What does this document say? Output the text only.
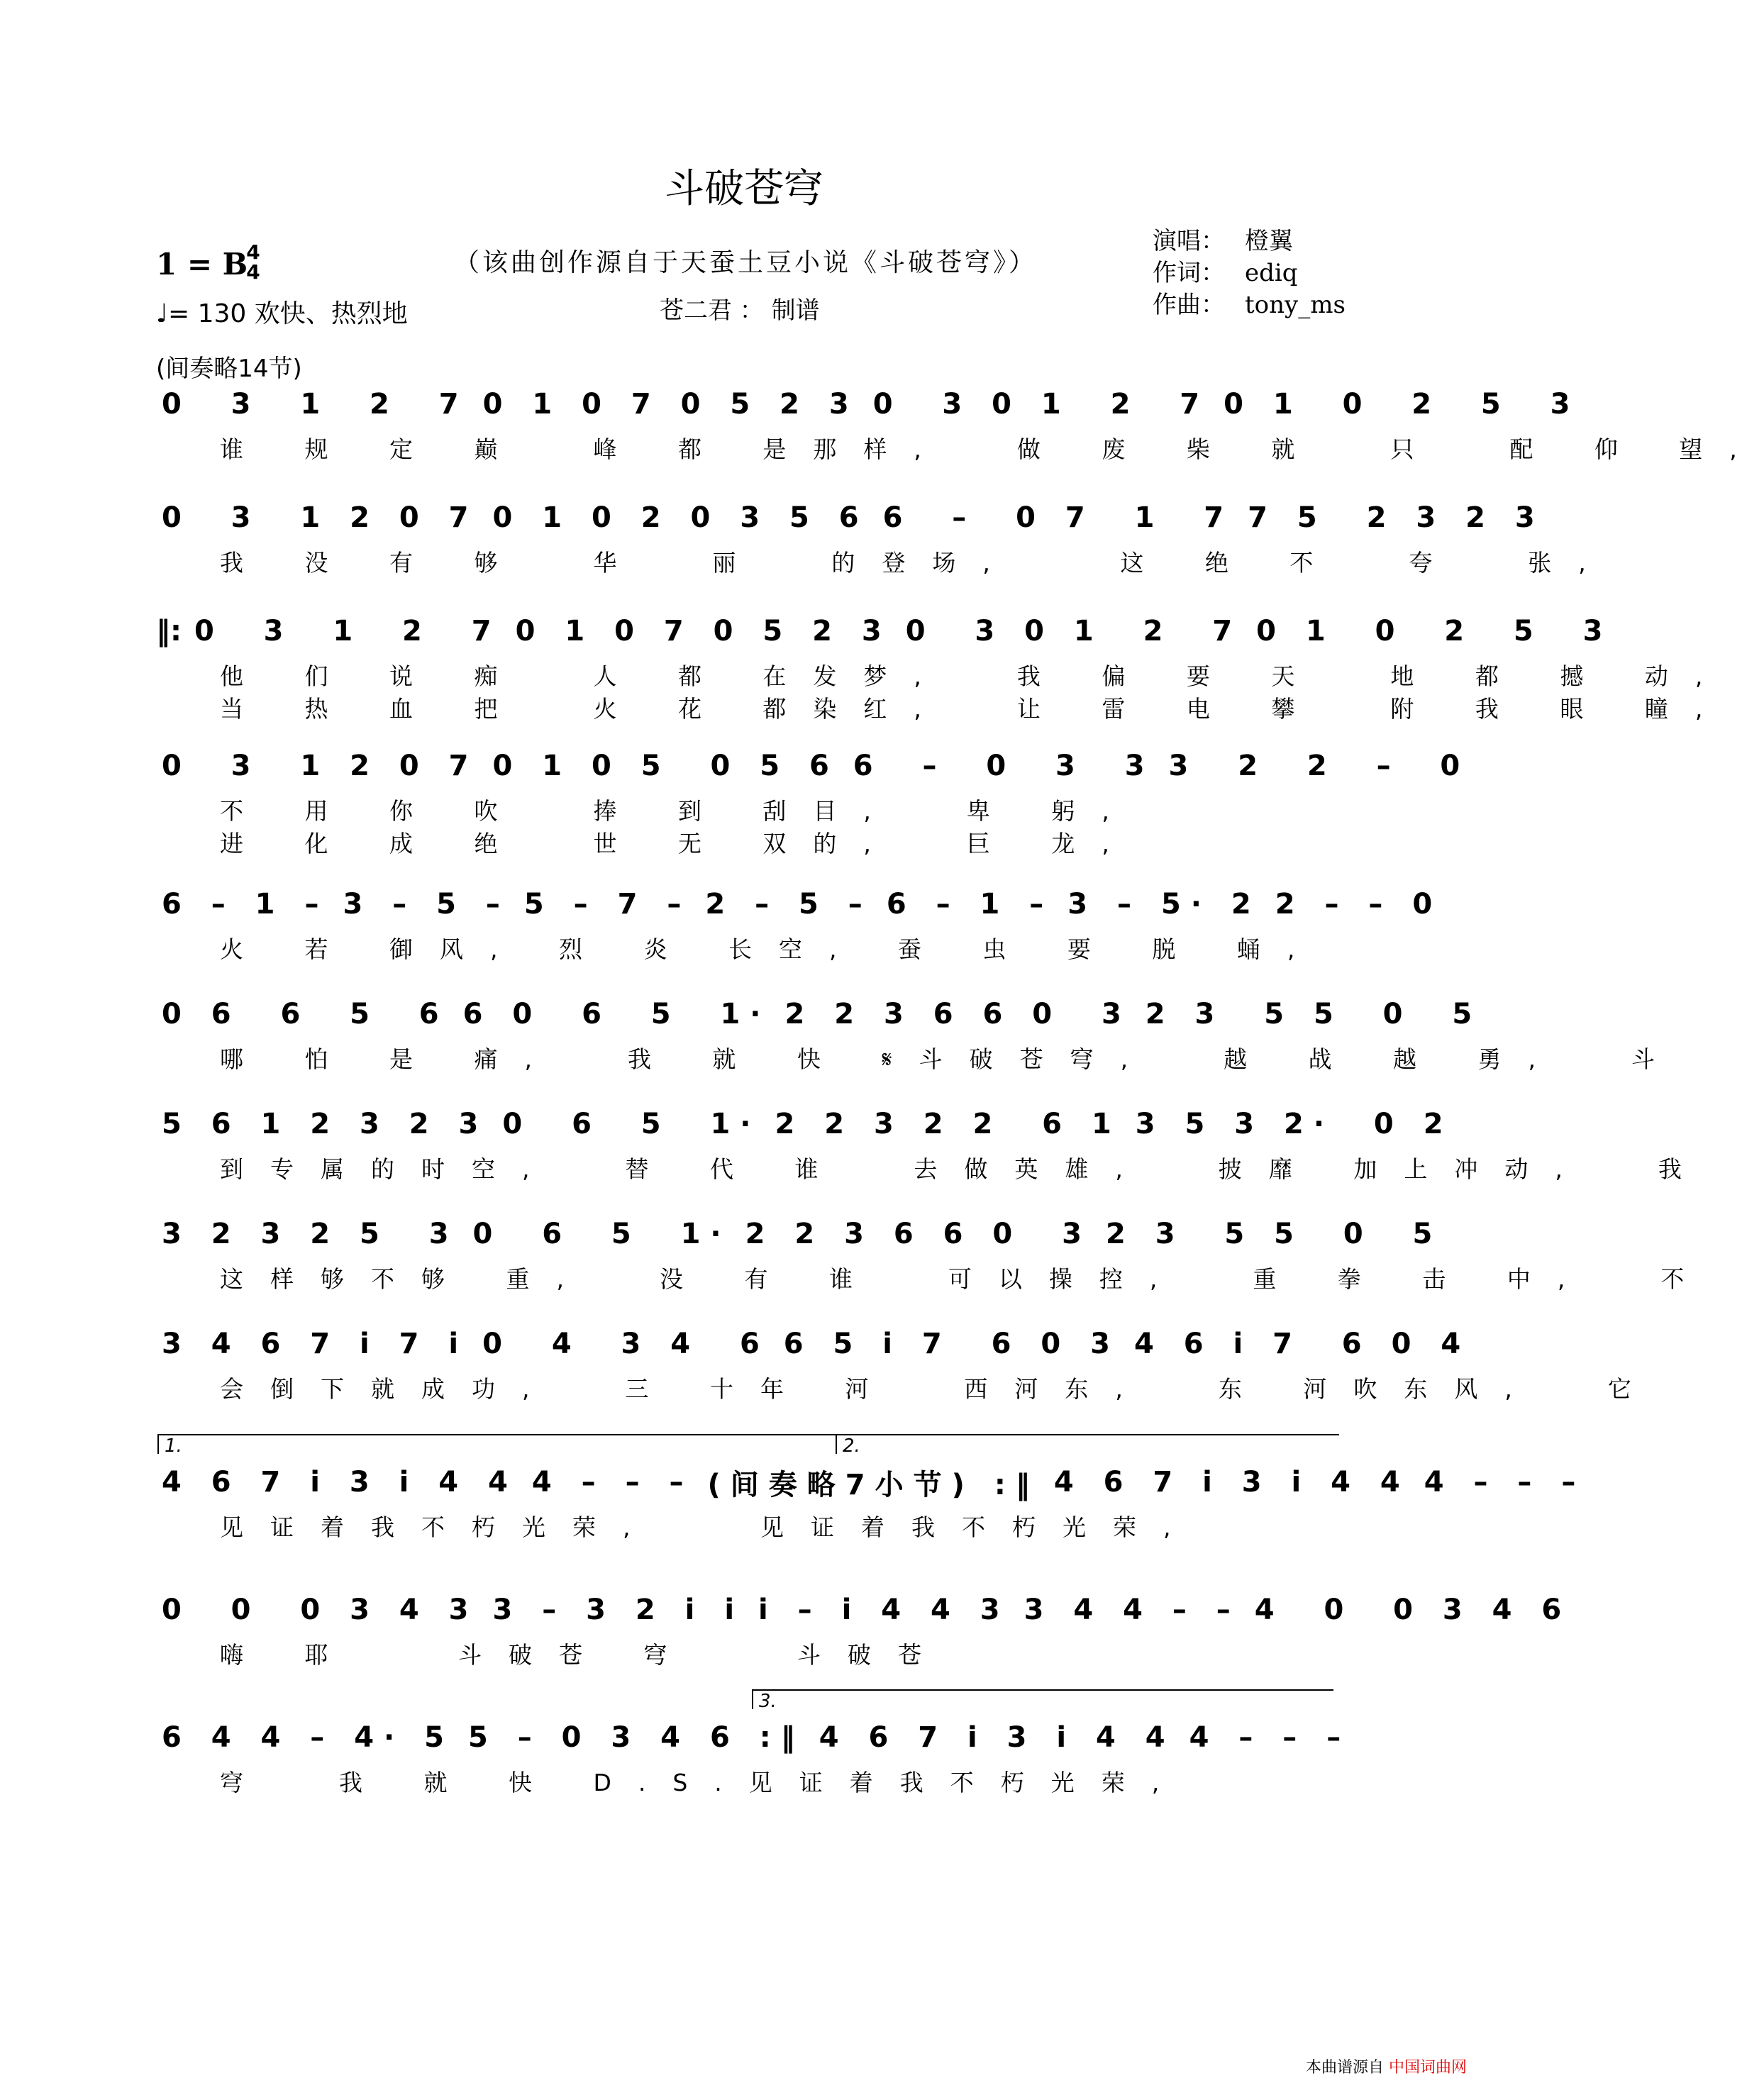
斗破苍穹
1 = B
4
4
♩= 130 欢快、热烈地
（该曲创作源自于天蚕土豆小说《斗破苍穹》）
苍二君 ： 制谱
演唱： 橙翼
作词： ediq
作曲： tony_ms
(间奏略14节)
0  3  1  2  7 0 1 0 7 0 5 2 3 0  3 0 1  2  7 0 1  0  2  5  3
谁 规 定 巅  峰 都 是那样,  做 废 柴 就  只  配 仰 望,
0  3  1 2 0 7 0 1 0 2 0 3 5 6 6  –  0 7  1  7 7 5  2 3 2 3
我 没 有 够  华  丽  的登场,   这 绝 不  夸  张,
‖: 0  3  1  2  7 0 1 0 7 0 5 2 3 0  3 0 1  2  7 0 1  0  2  5  3
他 们 说 痴  人 都 在发梦,  我 偏 要 天  地 都 撼 动,
当 热 血 把  火 花 都染红,  让 雷 电 攀  附 我 眼 瞳,
0  3  1 2 0 7 0 1 0 5  0 5 6 6  –  0  3  3 3  2  2  –  0
不 用 你 吹  捧 到 刮目,  卑 躬,
进 化 成 绝  世 无 双的,  巨 龙,
6 – 1 – 3 – 5 – 5 – 7 – 2 – 5 – 6 – 1 – 3 – 5· 2 2 – – 0
火 若 御风, 烈 炎 长空, 蚕 虫 要 脱 蛹,
0 6  6  5  6 6 0  6  5  1· 2 2 3 6 6 0  3 2 3  5 5  0  5
哪 怕 是 痛,  我 就 快 𝄋斗破苍穹,  越 战 越 勇,  斗
5 6 1 2 3 2 3 0  6  5  1· 2 2 3 2 2  6 1 3 5 3 2·  0 2
到专属的时空,  替 代 谁  去做英雄,  披靡 加上冲动,  我
3 2 3 2 5  3 0  6  5  1· 2 2 3 6 6 0  3 2 3  5 5  0  5
这样够不够 重,  没 有 谁  可以操控,  重 拳 击 中,  不
3 4 6 7 i 7 i 0  4  3 4  6 6 5 i 7  6 0 3 4 6 i 7  6 0 4
会倒下就成功,  三 十年 河  西河东,  东 河吹东风,  它
4 6 7 i 3 i 4 4 4 – – – (间奏略7小节) :‖ 4 6 7 i 3 i 4 4 4 – – –
见证着我不朽光荣,   见证着我不朽光荣,
0  0  0 3 4 3 3 – 3 2 i i i – i 4 4 3 3 4 4 – – 4  0  0 3 4 6
嗨 耶   斗破苍 穹   斗破苍
6 4 4 – 4· 5 5 – 0 3 4 6 :‖ 4 6 7 i 3 i 4 4 4 – – –
穹  我 就 快 D.S.见证着我不朽光荣,
1.	2.
3.
本曲谱源自 中国词曲网
